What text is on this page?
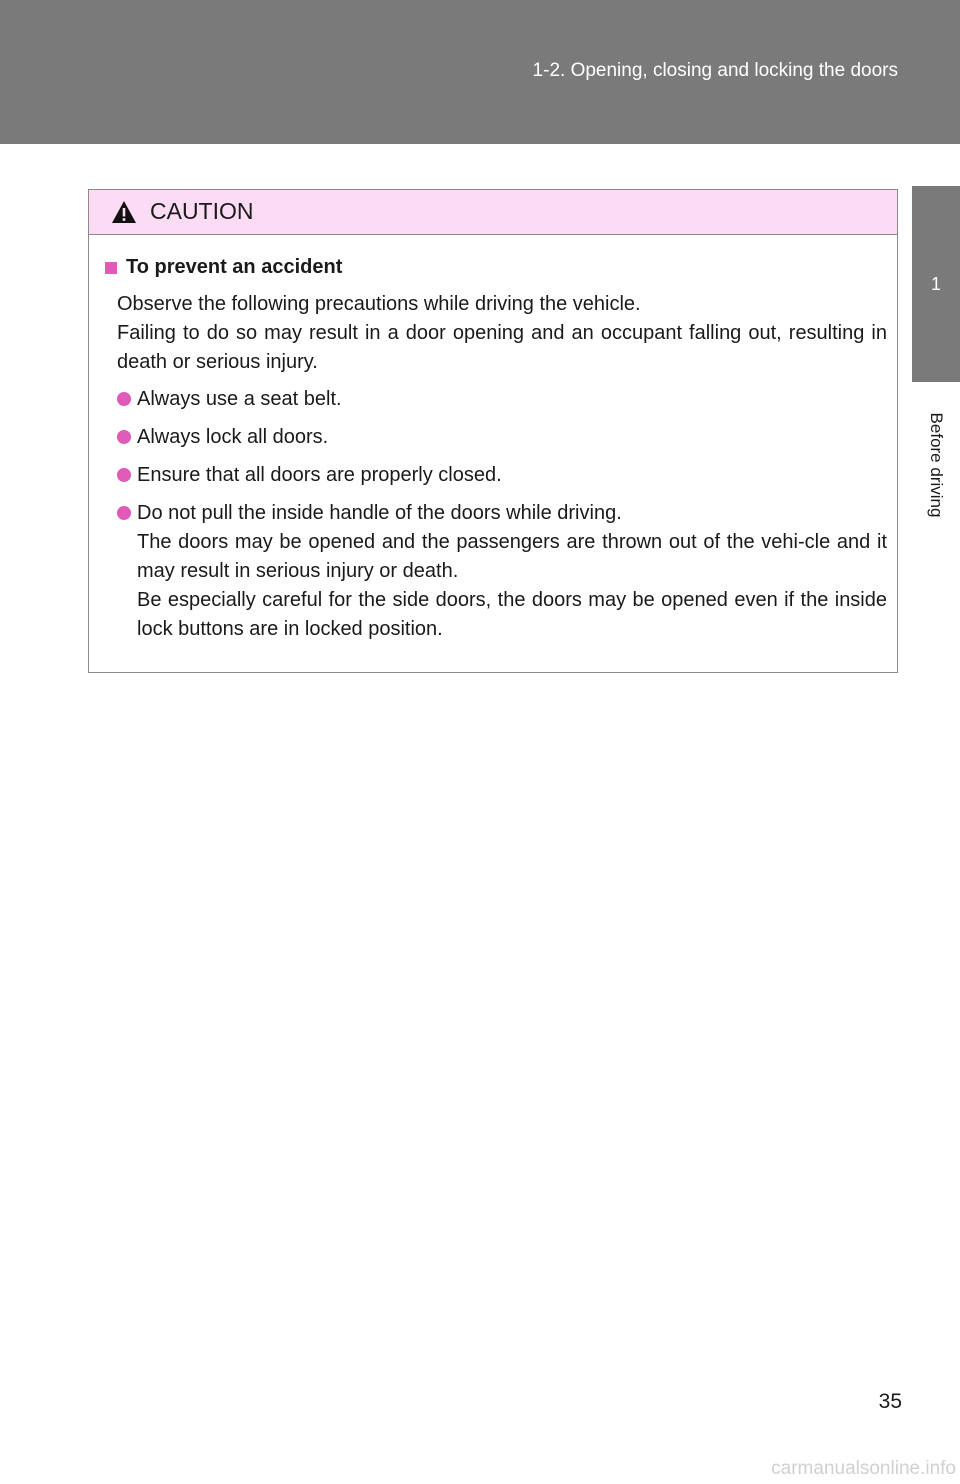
1-2. Opening, closing and locking the doors
1
Before driving
CAUTION
To prevent an accident

Observe the following precautions while driving the vehicle.

Failing to do so may result in a door opening and an occupant falling out, resulting in death or serious injury.

Always use a seat belt.

Always lock all doors.

Ensure that all doors are properly closed.

Do not pull the inside handle of the doors while driving.

The doors may be opened and the passengers are thrown out of the vehi-cle and it may result in serious injury or death.

Be especially careful for the side doors, the doors may be opened even if the inside lock buttons are in locked position.

35
carmanualsonline.info
